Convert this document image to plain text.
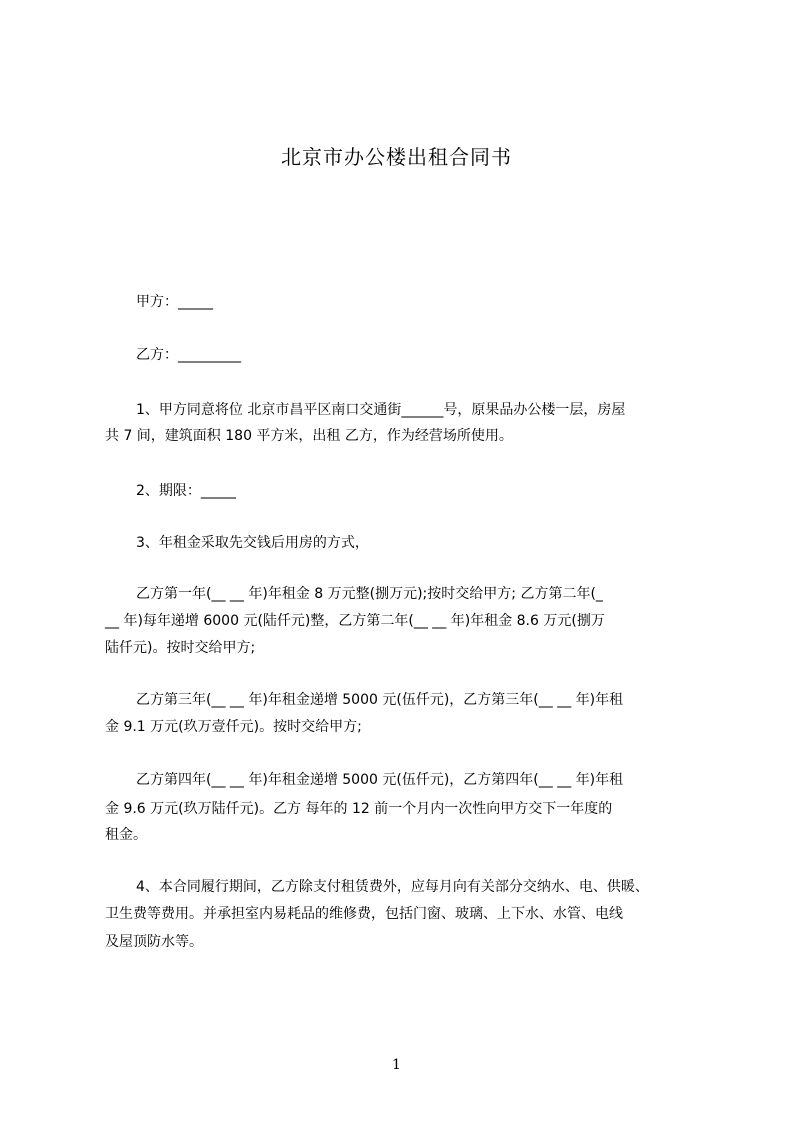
北京市办公楼出租合同书
甲方：_____
乙方：_________
1、甲方同意将位 北京市昌平区南口交通街______号，原果品办公楼一层，房屋
共 7 间，建筑面积 180 平方米，出租 乙方，作为经营场所使用。
2、期限：_____
3、年租金采取先交钱后用房的方式，
乙方第一年(__ __ 年)年租金 8 万元整(捌万元);按时交给甲方; 乙方第二年(_
__ 年)每年递增 6000 元(陆仟元)整，乙方第二年(__ __ 年)年租金 8.6 万元(捌万
陆仟元)。按时交给甲方;
乙方第三年(__ __ 年)年租金递增 5000 元(伍仟元)，乙方第三年(__ __ 年)年租
金 9.1 万元(玖万壹仟元)。按时交给甲方;
乙方第四年(__ __ 年)年租金递增 5000 元(伍仟元)，乙方第四年(__ __ 年)年租
金 9.6 万元(玖万陆仟元)。乙方 每年的 12 前一个月内一次性向甲方交下一年度的
租金。
4、本合同履行期间，乙方除支付租赁费外，应每月向有关部分交纳水、电、供暖、
卫生费等费用。并承担室内易耗品的维修费，包括门窗、玻璃、上下水、水管、电线
及屋顶防水等。
1
